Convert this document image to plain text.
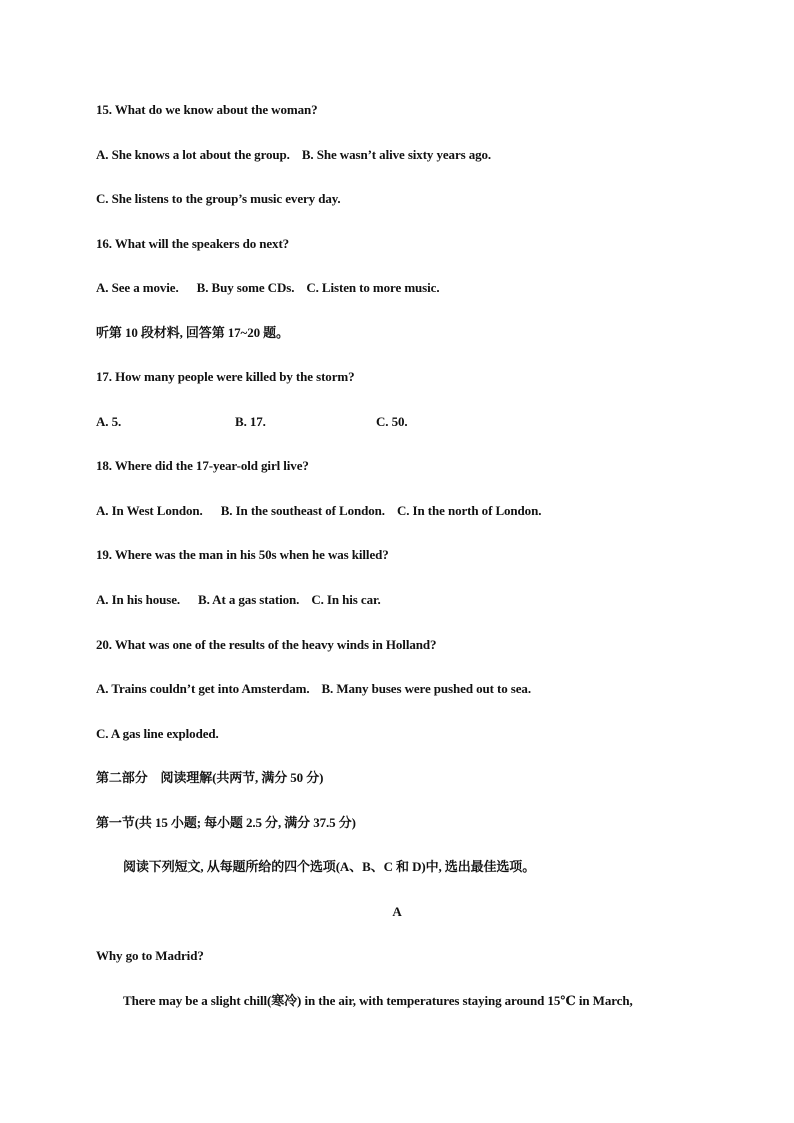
15. What do we know about the woman?
A. She knows a lot about the group. B. She wasn’t alive sixty years ago.
C. She listens to the group’s music every day.
16. What will the speakers do next?
A. See a movie. B. Buy some CDs. C. Listen to more music.
听第 10 段材料, 回答第 17~20 题。
17. How many people were killed by the storm?
A. 5.	B. 17.	C. 50.
18. Where did the 17-year-old girl live?
A. In West London. B. In the southeast of London. C. In the north of London.
19. Where was the man in his 50s when he was killed?
A. In his house. B. At a gas station. C. In his car.
20. What was one of the results of the heavy winds in Holland?
A. Trains couldn’t get into Amsterdam. B. Many buses were pushed out to sea.
C. A gas line exploded.
第二部分　阅读理解(共两节, 满分 50 分)
第一节(共 15 小题; 每小题 2.5 分, 满分 37.5 分)
阅读下列短文, 从每题所给的四个选项(A、B、C 和 D)中, 选出最佳选项。
A
Why go to Madrid?
There may be a slight chill(寒冷) in the air, with temperatures staying around 15℃ in March,
